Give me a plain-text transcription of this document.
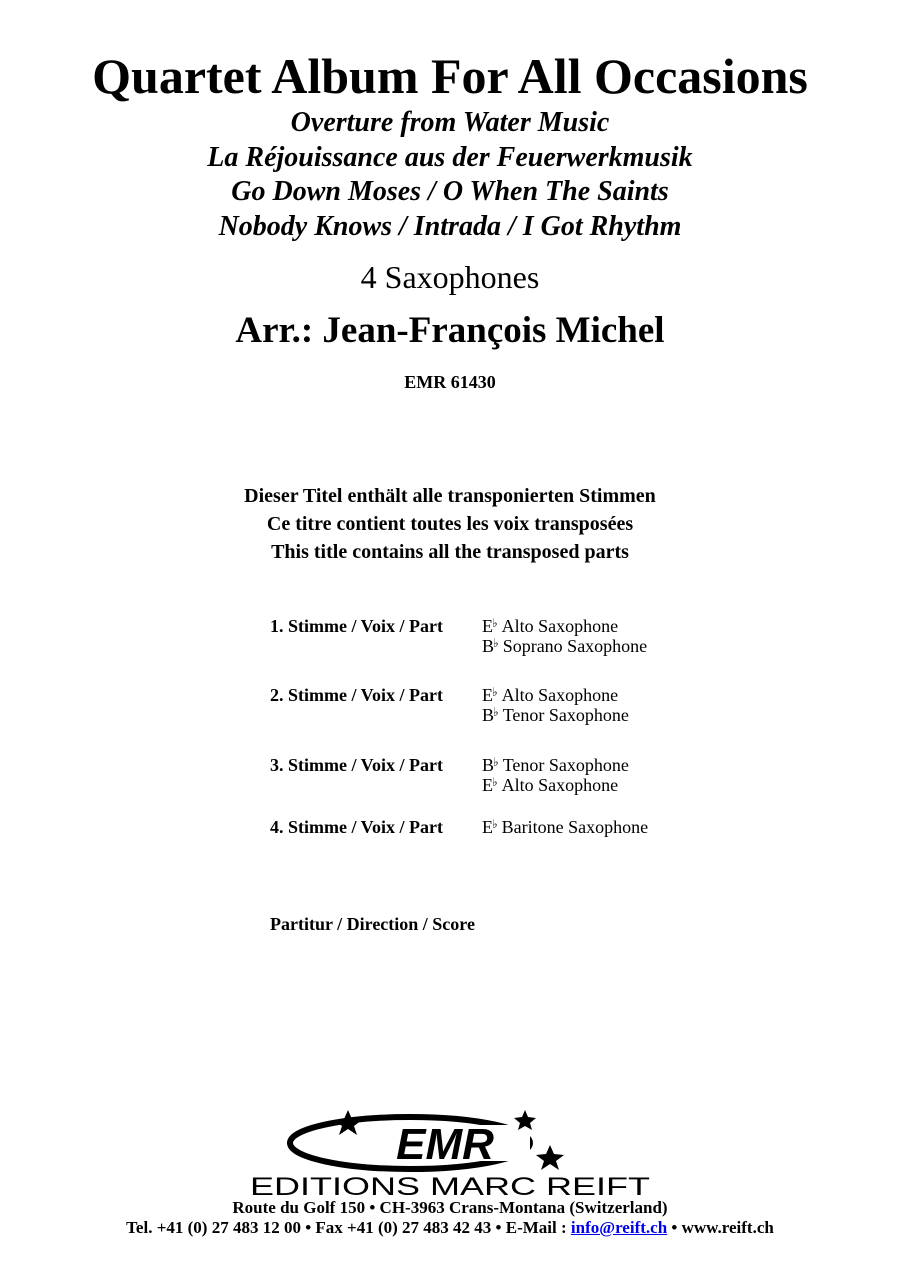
Quartet Album For All Occasions
Overture from Water Music
La Réjouissance aus der Feuerwerkmusik
Go Down Moses / O When The Saints
Nobody Knows / Intrada / I Got Rhythm
4 Saxophones
Arr.: Jean-François Michel
EMR 61430
Dieser Titel enthält alle transponierten Stimmen
Ce titre contient toutes les voix transposées
This title contains all the transposed parts
1. Stimme / Voix / Part	E♭ Alto Saxophone
B♭ Soprano Saxophone
2. Stimme / Voix / Part	E♭ Alto Saxophone
B♭ Tenor Saxophone
3. Stimme / Voix / Part	B♭ Tenor Saxophone
E♭ Alto Saxophone
4. Stimme / Voix / Part	E♭ Baritone Saxophone
Partitur / Direction / Score
EMR
EDITIONS MARC REIFT
Route du Golf 150 • CH-3963 Crans-Montana (Switzerland)
Tel. +41 (0) 27 483 12 00 • Fax +41 (0) 27 483 42 43 • E-Mail : info@reift.ch • www.reift.ch
